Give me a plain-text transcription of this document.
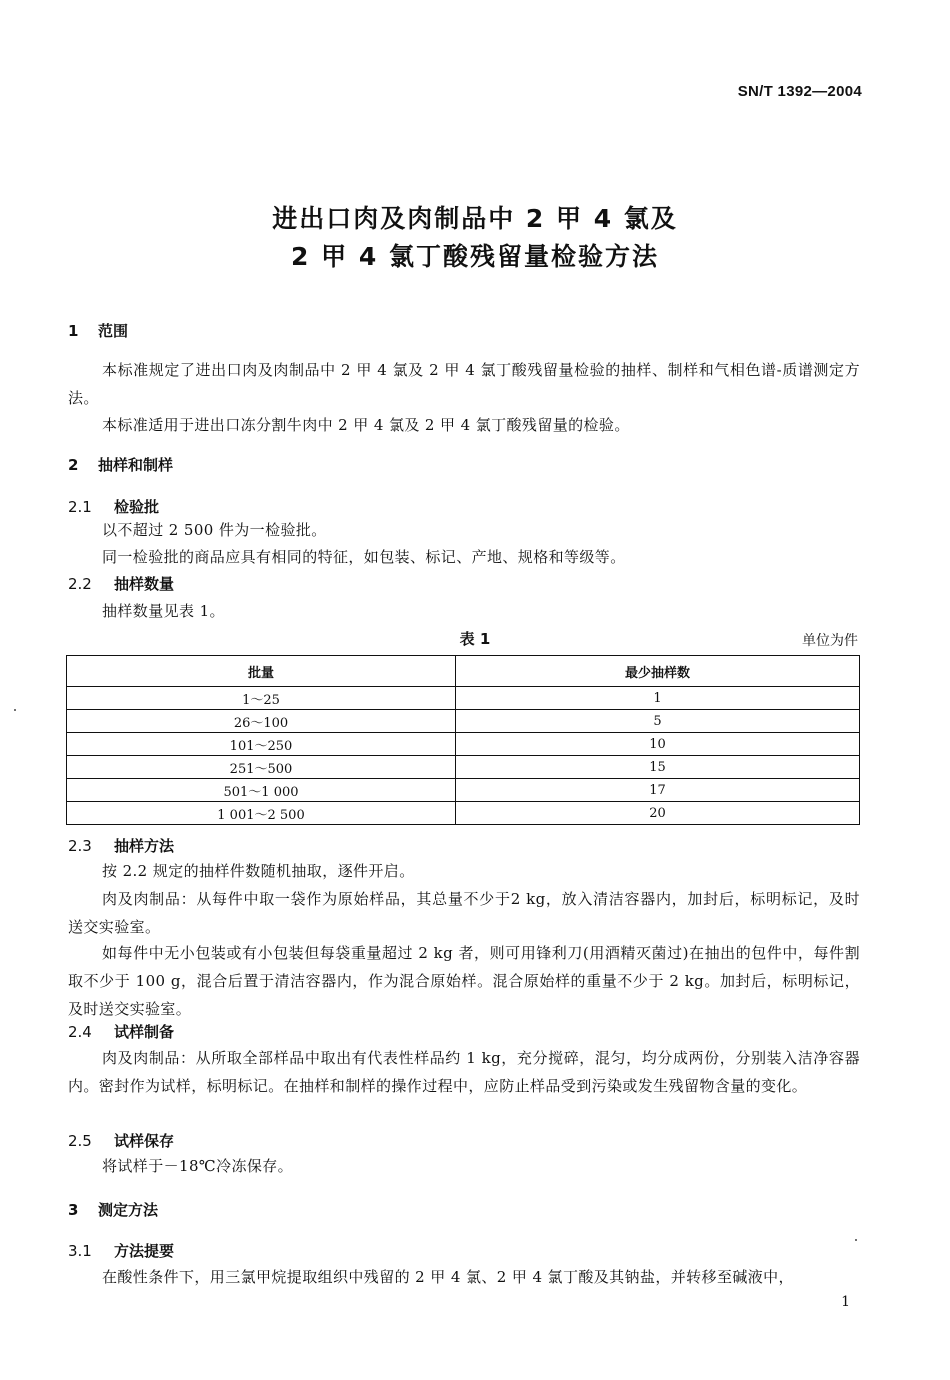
SN/T 1392—2004
进出口肉及肉制品中 2 甲 4 氯及
2 甲 4 氯丁酸残留量检验方法
1 范围
本标准规定了进出口肉及肉制品中 2 甲 4 氯及 2 甲 4 氯丁酸残留量检验的抽样、制样和气相色谱-质谱测定方法。
本标准适用于进出口冻分割牛肉中 2 甲 4 氯及 2 甲 4 氯丁酸残留量的检验。
2 抽样和制样
2.1 检验批
以不超过 2 500 件为一检验批。
同一检验批的商品应具有相同的特征，如包装、标记、产地、规格和等级等。
2.2 抽样数量
抽样数量见表 1。
表 1	单位为件
批量	最少抽样数
1～25	1
26～100	5
101～250	10
251～500	15
501～1 000	17
1 001～2 500	20
2.3 抽样方法
按 2.2 规定的抽样件数随机抽取，逐件开启。
肉及肉制品：从每件中取一袋作为原始样品，其总量不少于2 kg，放入清洁容器内，加封后，标明标记，及时送交实验室。
如每件中无小包装或有小包装但每袋重量超过 2 kg 者，则可用锋利刀(用酒精灭菌过)在抽出的包件中，每件割取不少于 100 g，混合后置于清洁容器内，作为混合原始样。混合原始样的重量不少于 2 kg。加封后，标明标记，及时送交实验室。
2.4 试样制备
肉及肉制品：从所取全部样品中取出有代表性样品约 1 kg，充分搅碎，混匀，均分成两份，分别装入洁净容器内。密封作为试样，标明标记。在抽样和制样的操作过程中，应防止样品受到污染或发生残留物含量的变化。
2.5 试样保存
将试样于－18℃冷冻保存。
3 测定方法
3.1 方法提要
在酸性条件下，用三氯甲烷提取组织中残留的 2 甲 4 氯、2 甲 4 氯丁酸及其钠盐，并转移至碱液中，
1
